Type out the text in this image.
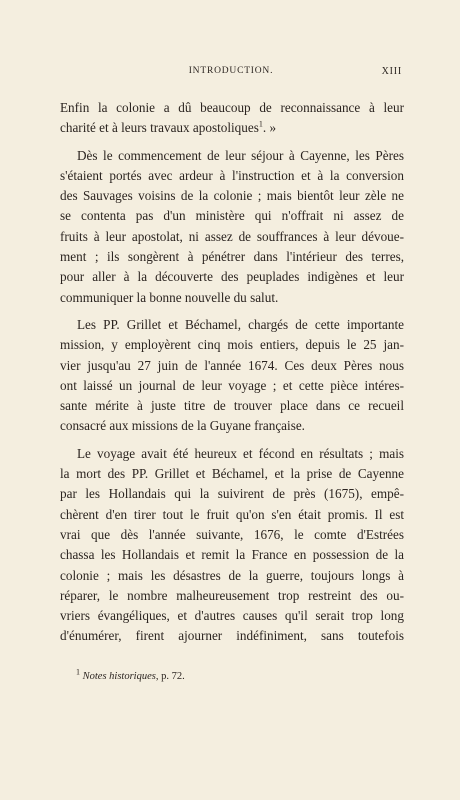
INTRODUCTION.	XIII
Enfin la colonie a dû beaucoup de reconnaissance à leur
charité et à leurs travaux apostoliques$^1$. »
Dès le commencement de leur séjour à Cayenne, les Pères
s'étaient portés avec ardeur à l'instruction et à la conversion
des Sauvages voisins de la colonie ; mais bientôt leur zèle ne
se contenta pas d'un ministère qui n'offrait ni assez de
fruits à leur apostolat, ni assez de souffrances à leur dévoue-
ment ; ils songèrent à pénétrer dans l'intérieur des terres,
pour aller à la découverte des peuplades indigènes et leur
communiquer la bonne nouvelle du salut.
Les PP. Grillet et Béchamel, chargés de cette importante
mission, y employèrent cinq mois entiers, depuis le 25 jan-
vier jusqu'au 27 juin de l'année 1674. Ces deux Pères nous
ont laissé un journal de leur voyage ; et cette pièce intéres-
sante mérite à juste titre de trouver place dans ce recueil
consacré aux missions de la Guyane française.
Le voyage avait été heureux et fécond en résultats ; mais
la mort des PP. Grillet et Béchamel, et la prise de Cayenne
par les Hollandais qui la suivirent de près (1675), empê-
chèrent d'en tirer tout le fruit qu'on s'en était promis. Il est
vrai que dès l'année suivante, 1676, le comte d'Estrées
chassa les Hollandais et remit la France en possession de la
colonie ; mais les désastres de la guerre, toujours longs à
réparer, le nombre malheureusement trop restreint des ou-
vriers évangéliques, et d'autres causes qu'il serait trop long
d'énumérer, firent ajourner indéfiniment, sans toutefois
$^1$ Notes historiques, p. 72.
